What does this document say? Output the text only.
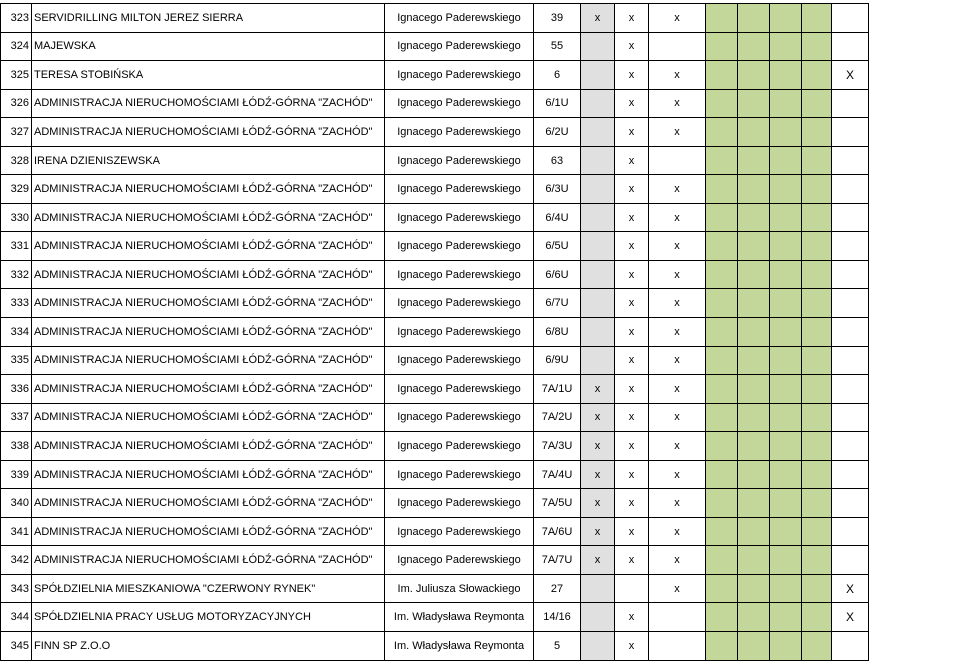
323	SERVIDRILLING MILTON JEREZ SIERRA	Ignacego Paderewskiego	39	x	x	x					
324	MAJEWSKA	Ignacego Paderewskiego	55		x						
325	TERESA STOBIŃSKA	Ignacego Paderewskiego	6		x	x					X
326	ADMINISTRACJA NIERUCHOMOŚCIAMI ŁÓDŹ-GÓRNA "ZACHÓD"	Ignacego Paderewskiego	6/1U		x	x					
327	ADMINISTRACJA NIERUCHOMOŚCIAMI ŁÓDŹ-GÓRNA "ZACHÓD"	Ignacego Paderewskiego	6/2U		x	x					
328	IRENA DZIENISZEWSKA	Ignacego Paderewskiego	63		x						
329	ADMINISTRACJA NIERUCHOMOŚCIAMI ŁÓDŹ-GÓRNA "ZACHÓD"	Ignacego Paderewskiego	6/3U		x	x					
330	ADMINISTRACJA NIERUCHOMOŚCIAMI ŁÓDŹ-GÓRNA "ZACHÓD"	Ignacego Paderewskiego	6/4U		x	x					
331	ADMINISTRACJA NIERUCHOMOŚCIAMI ŁÓDŹ-GÓRNA "ZACHÓD"	Ignacego Paderewskiego	6/5U		x	x					
332	ADMINISTRACJA NIERUCHOMOŚCIAMI ŁÓDŹ-GÓRNA "ZACHÓD"	Ignacego Paderewskiego	6/6U		x	x					
333	ADMINISTRACJA NIERUCHOMOŚCIAMI ŁÓDŹ-GÓRNA "ZACHÓD"	Ignacego Paderewskiego	6/7U		x	x					
334	ADMINISTRACJA NIERUCHOMOŚCIAMI ŁÓDŹ-GÓRNA "ZACHÓD"	Ignacego Paderewskiego	6/8U		x	x					
335	ADMINISTRACJA NIERUCHOMOŚCIAMI ŁÓDŹ-GÓRNA "ZACHÓD"	Ignacego Paderewskiego	6/9U		x	x					
336	ADMINISTRACJA NIERUCHOMOŚCIAMI ŁÓDŹ-GÓRNA "ZACHÓD"	Ignacego Paderewskiego	7A/1U	x	x	x					
337	ADMINISTRACJA NIERUCHOMOŚCIAMI ŁÓDŹ-GÓRNA "ZACHÓD"	Ignacego Paderewskiego	7A/2U	x	x	x					
338	ADMINISTRACJA NIERUCHOMOŚCIAMI ŁÓDŹ-GÓRNA "ZACHÓD"	Ignacego Paderewskiego	7A/3U	x	x	x					
339	ADMINISTRACJA NIERUCHOMOŚCIAMI ŁÓDŹ-GÓRNA "ZACHÓD"	Ignacego Paderewskiego	7A/4U	x	x	x					
340	ADMINISTRACJA NIERUCHOMOŚCIAMI ŁÓDŹ-GÓRNA "ZACHÓD"	Ignacego Paderewskiego	7A/5U	x	x	x					
341	ADMINISTRACJA NIERUCHOMOŚCIAMI ŁÓDŹ-GÓRNA "ZACHÓD"	Ignacego Paderewskiego	7A/6U	x	x	x					
342	ADMINISTRACJA NIERUCHOMOŚCIAMI ŁÓDŹ-GÓRNA "ZACHÓD"	Ignacego Paderewskiego	7A/7U	x	x	x					
343	SPÓŁDZIELNIA MIESZKANIOWA "CZERWONY RYNEK"	Im. Juliusza Słowackiego	27			x					X
344	SPÓŁDZIELNIA PRACY USŁUG MOTORYZACYJNYCH	Im. Władysława Reymonta	14/16		x						X
345	FINN SP Z.O.O	Im. Władysława Reymonta	5		x						
